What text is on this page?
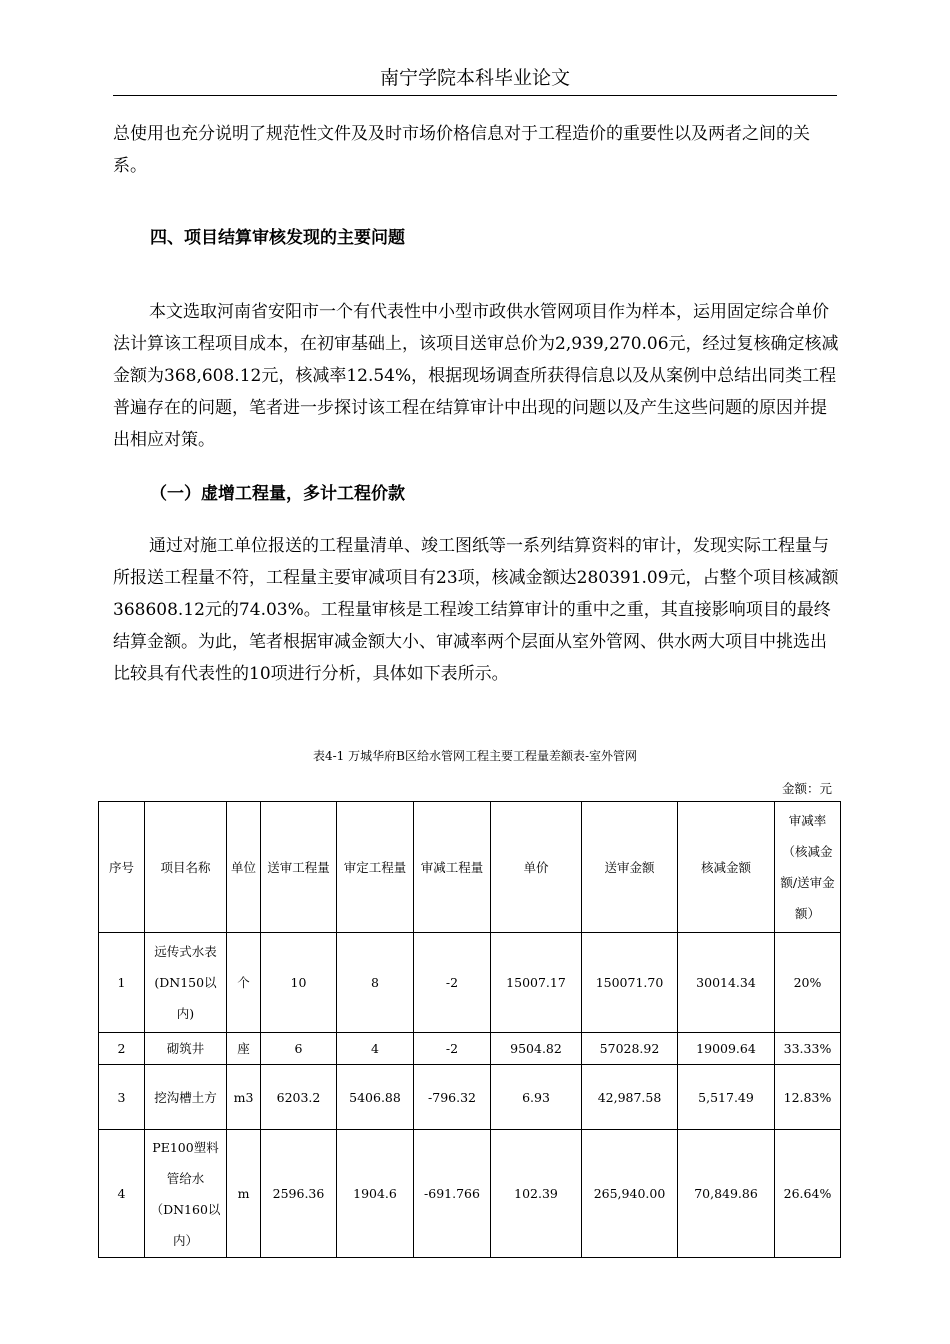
南宁学院本科毕业论文

总使用也充分说明了规范性文件及及时市场价格信息对于工程造价的重要性以及两者之间的关系。

四、项目结算审核发现的主要问题

本文选取河南省安阳市一个有代表性中小型市政供水管网项目作为样本，运用固定综合单价法计算该工程项目成本，在初审基础上，该项目送审总价为2,939,270.06元，经过复核确定核减金额为368,608.12元，核减率12.54%，根据现场调查所获得信息以及从案例中总结出同类工程普遍存在的问题，笔者进一步探讨该工程在结算审计中出现的问题以及产生这些问题的原因并提出相应对策。

（一）虚增工程量，多计工程价款

通过对施工单位报送的工程量清单、竣工图纸等一系列结算资料的审计，发现实际工程量与所报送工程量不符，工程量主要审减项目有23项，核减金额达280391.09元，占整个项目核减额368608.12元的74.03%。工程量审核是工程竣工结算审计的重中之重，其直接影响项目的最终结算金额。为此，笔者根据审减金额大小、审减率两个层面从室外管网、供水两大项目中挑选出比较具有代表性的10项进行分析，具体如下表所示。

表4-1 万城华府B区给水管网工程主要工程量差额表-室外管网
金额：元
序号	项目名称	单位	送审工程量	审定工程量	审减工程量	单价	送审金额	核减金额	审减率（核减金额/送审金额）
1	远传式水表(DN150以内)	个	10	8	-2	15007.17	150071.70	30014.34	20%
2	砌筑井	座	6	4	-2	9504.82	57028.92	19009.64	33.33%
3	挖沟槽土方	m3	6203.2	5406.88	-796.32	6.93	42,987.58	5,517.49	12.83%
4	PE100塑料管给水（DN160以内）	m	2596.36	1904.6	-691.766	102.39	265,940.00	70,849.86	26.64%
